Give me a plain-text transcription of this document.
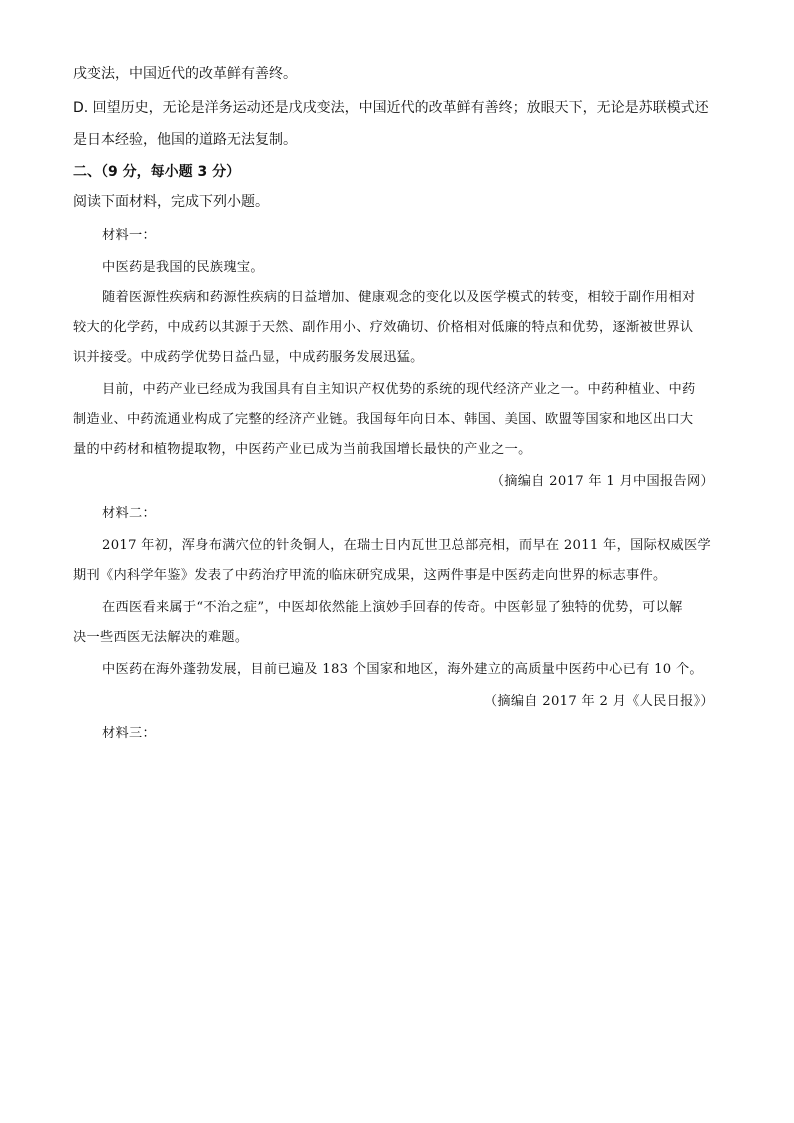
戌变法，中国近代的改革鲜有善终。
D. 回望历史，无论是洋务运动还是戊戌变法，中国近代的改革鲜有善终；放眼天下，无论是苏联模式还
是日本经验，他国的道路无法复制。
二、（9 分，每小题 3 分）
阅读下面材料，完成下列小题。
材料一：
中医药是我国的民族瑰宝。
随着医源性疾病和药源性疾病的日益增加、健康观念的变化以及医学模式的转变，相较于副作用相对
较大的化学药，中成药以其源于天然、副作用小、疗效确切、价格相对低廉的特点和优势，逐渐被世界认
识并接受。中成药学优势日益凸显，中成药服务发展迅猛。
目前，中药产业已经成为我国具有自主知识产权优势的系统的现代经济产业之一。中药种植业、中药
制造业、中药流通业构成了完整的经济产业链。我国每年向日本、韩国、美国、欧盟等国家和地区出口大
量的中药材和植物提取物，中医药产业已成为当前我国增长最快的产业之一。
（摘编自 2017 年 1 月中国报告网）
材料二：
2017 年初，浑身布满穴位的针灸铜人，在瑞士日内瓦世卫总部亮相，而早在 2011 年，国际权威医学
期刊《内科学年鉴》发表了中药治疗甲流的临床研究成果，这两件事是中医药走向世界的标志事件。
在西医看来属于“不治之症”，中医却依然能上演妙手回春的传奇。中医彰显了独特的优势，可以解
决一些西医无法解决的难题。
中医药在海外蓬勃发展，目前已遍及 183 个国家和地区，海外建立的高质量中医药中心已有 10 个。
（摘编自 2017 年 2 月《人民日报》）
材料三：
